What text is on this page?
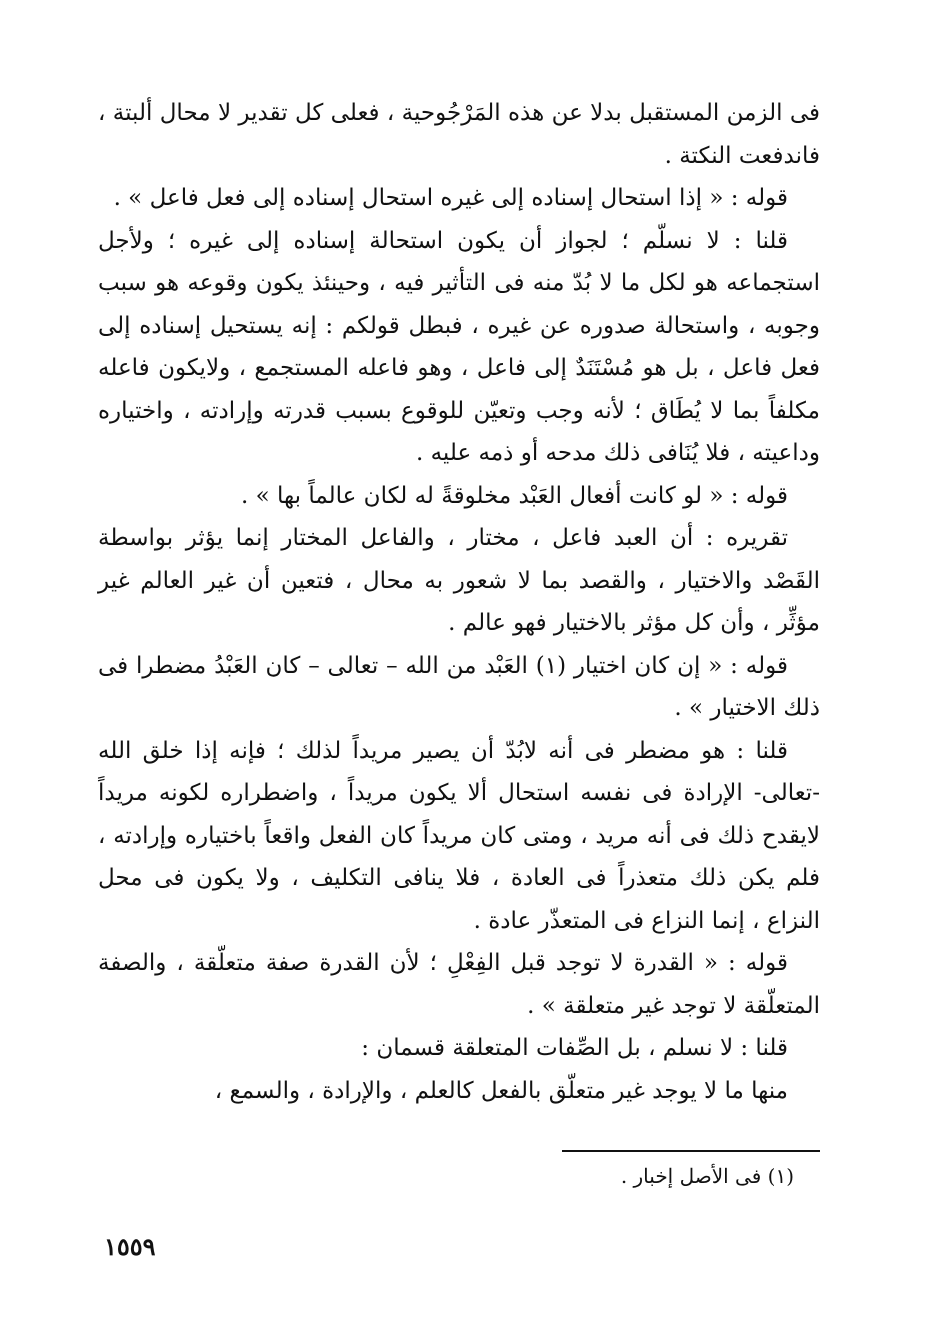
فى الزمن المستقبل بدلا عن هذه المَرْجُوحية ، فعلى كل تقدير لا محال ألبتة ، فاندفعت النكتة .

قوله : « إذا استحال إسناده إلى غيره استحال إسناده إلى فعل فاعل » .

قلنا : لا نسلّم ؛ لجواز أن يكون استحالة إسناده إلى غيره ؛ ولأجل استجماعه هو لكل ما لا بُدّ منه فى التأثير فيه ، وحينئذ يكون وقوعه هو سبب وجوبه ، واستحالة صدوره عن غيره ، فبطل قولكم : إنه يستحيل إسناده إلى فعل فاعل ، بل هو مُسْتَنَدٌ إلى فاعل ، وهو فاعله المستجمع ، ولايكون فاعله مكلفاً بما لا يُطَاق ؛ لأنه وجب وتعيّن للوقوع بسبب قدرته وإرادته ، واختياره وداعيته ، فلا يُنَافى ذلك مدحه أو ذمه عليه .

قوله : « لو كانت أفعال العَبْد مخلوقةً له لكان عالماً بها » .

تقريره : أن العبد فاعل ، مختار ، والفاعل المختار إنما يؤثر بواسطة القَصْد والاختيار ، والقصد بما لا شعور به محال ، فتعين أن غير العالم غير مؤثِّر ، وأن كل مؤثر بالاختيار فهو عالم .

قوله : « إن كان اختيار (١) العَبْد من الله – تعالى – كان العَبْدُ مضطرا فى ذلك الاختيار » .

قلنا : هو مضطر فى أنه لابُدّ أن يصير مريداً لذلك ؛ فإنه إذا خلق الله -تعالى- الإرادة فى نفسه استحال ألا يكون مريداً ، واضطراره لكونه مريداً لايقدح ذلك فى أنه مريد ، ومتى كان مريداً كان الفعل واقعاً باختياره وإرادته ، فلم يكن ذلك متعذراً فى العادة ، فلا ينافى التكليف ، ولا يكون فى محل النزاع ، إنما النزاع فى المتعذّر عادة .

قوله : « القدرة لا توجد قبل الفِعْلِ ؛ لأن القدرة صفة متعلّقة ، والصفة المتعلّقة لا توجد غير متعلقة » .

قلنا : لا نسلم ، بل الصِّفات المتعلقة قسمان :

منها ما لا يوجد غير متعلّق بالفعل كالعلم ، والإرادة ، والسمع ،

(١) فى الأصل إخبار .

١٥٥٩
